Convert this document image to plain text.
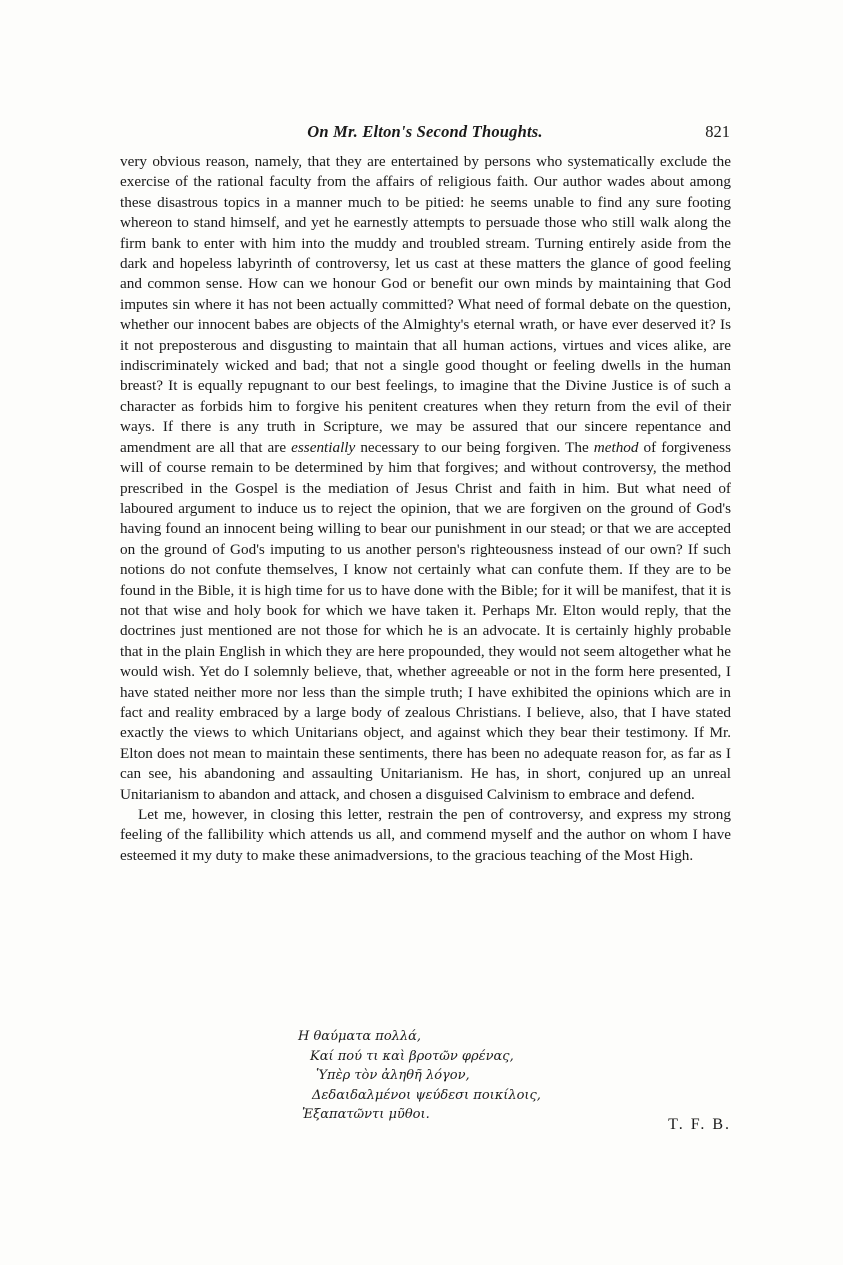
On Mr. Elton's Second Thoughts.	821

very obvious reason, namely, that they are entertained by persons who systematically exclude the exercise of the rational faculty from the affairs of religious faith. Our author wades about among these disastrous topics in a manner much to be pitied: he seems unable to find any sure footing whereon to stand himself, and yet he earnestly attempts to persuade those who still walk along the firm bank to enter with him into the muddy and troubled stream. Turning entirely aside from the dark and hopeless labyrinth of controversy, let us cast at these matters the glance of good feeling and common sense. How can we honour God or benefit our own minds by maintaining that God imputes sin where it has not been actually committed? What need of formal debate on the question, whether our innocent babes are objects of the Almighty's eternal wrath, or have ever deserved it? Is it not preposterous and disgusting to maintain that all human actions, virtues and vices alike, are indiscriminately wicked and bad; that not a single good thought or feeling dwells in the human breast? It is equally repugnant to our best feelings, to imagine that the Divine Justice is of such a character as forbids him to forgive his penitent creatures when they return from the evil of their ways. If there is any truth in Scripture, we may be assured that our sincere repentance and amendment are all that are essentially necessary to our being forgiven. The method of forgiveness will of course remain to be determined by him that forgives; and without controversy, the method prescribed in the Gospel is the mediation of Jesus Christ and faith in him. But what need of laboured argument to induce us to reject the opinion, that we are forgiven on the ground of God's having found an innocent being willing to bear our punishment in our stead; or that we are accepted on the ground of God's imputing to us another person's righteousness instead of our own? If such notions do not confute themselves, I know not certainly what can confute them. If they are to be found in the Bible, it is high time for us to have done with the Bible; for it will be manifest, that it is not that wise and holy book for which we have taken it. Perhaps Mr. Elton would reply, that the doctrines just mentioned are not those for which he is an advocate. It is certainly highly probable that in the plain English in which they are here propounded, they would not seem altogether what he would wish. Yet do I solemnly believe, that, whether agreeable or not in the form here presented, I have stated neither more nor less than the simple truth; I have exhibited the opinions which are in fact and reality embraced by a large body of zealous Christians. I believe, also, that I have stated exactly the views to which Unitarians object, and against which they bear their testimony. If Mr. Elton does not mean to maintain these sentiments, there has been no adequate reason for, as far as I can see, his abandoning and assaulting Unitarianism. He has, in short, conjured up an unreal Unitarianism to abandon and attack, and chosen a disguised Calvinism to embrace and defend.

Let me, however, in closing this letter, restrain the pen of controversy, and express my strong feeling of the fallibility which attends us all, and commend myself and the author on whom I have esteemed it my duty to make these animadversions, to the gracious teaching of the Most High.

Η θαύματα πολλά,
Καί πού τι καὶ βροτῶν φρένας,
Ὑπὲρ τὸν ἀληθῆ λόγον,
Δεδαιδαλμένοι ψεύδεσι ποικίλοις,
Ἐξαπατῶντι μῦθοι.
T. F. B.
